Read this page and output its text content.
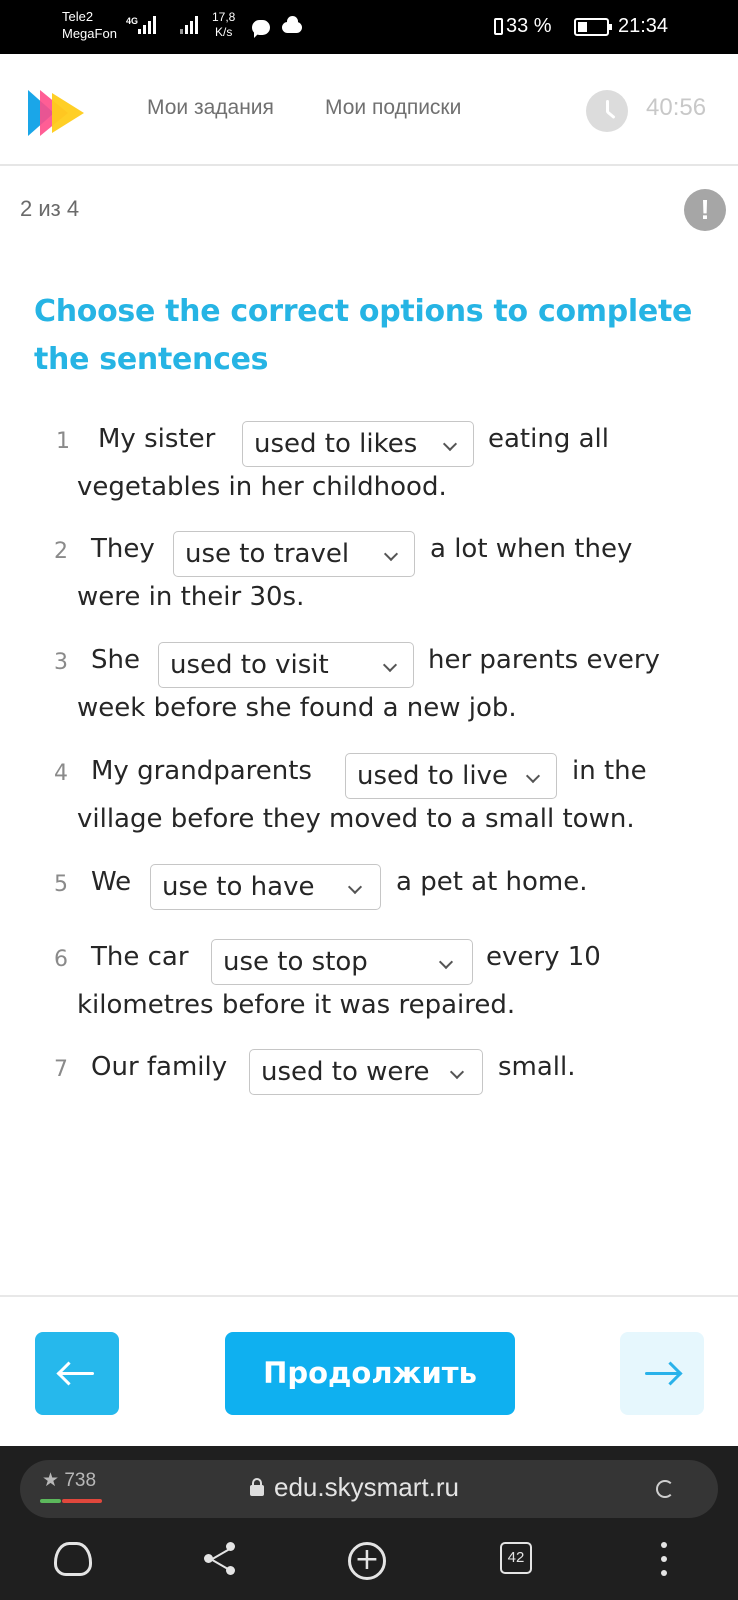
Tele2
MegaFon
4G	17,8
K/s	33 %	21:34
Мои задания Мои подписки	40:56
2 из 4	!
Choose the correct options to complete
the sentences
1 My sister used to likes	eating all
vegetables in her childhood.
2 They use to travel	a lot when they
were in their 30s.
3 She used to visit	her parents every
week before she found a new job.
4 My grandparents used to live in the
village before they moved to a small town.
5 We use to have	a pet at home.
6 The car use to stop	every 10
kilometres before it was repaired.
7 Our family used to were	small.
Продолжить
★ 738	edu.skysmart.ru
+	42
